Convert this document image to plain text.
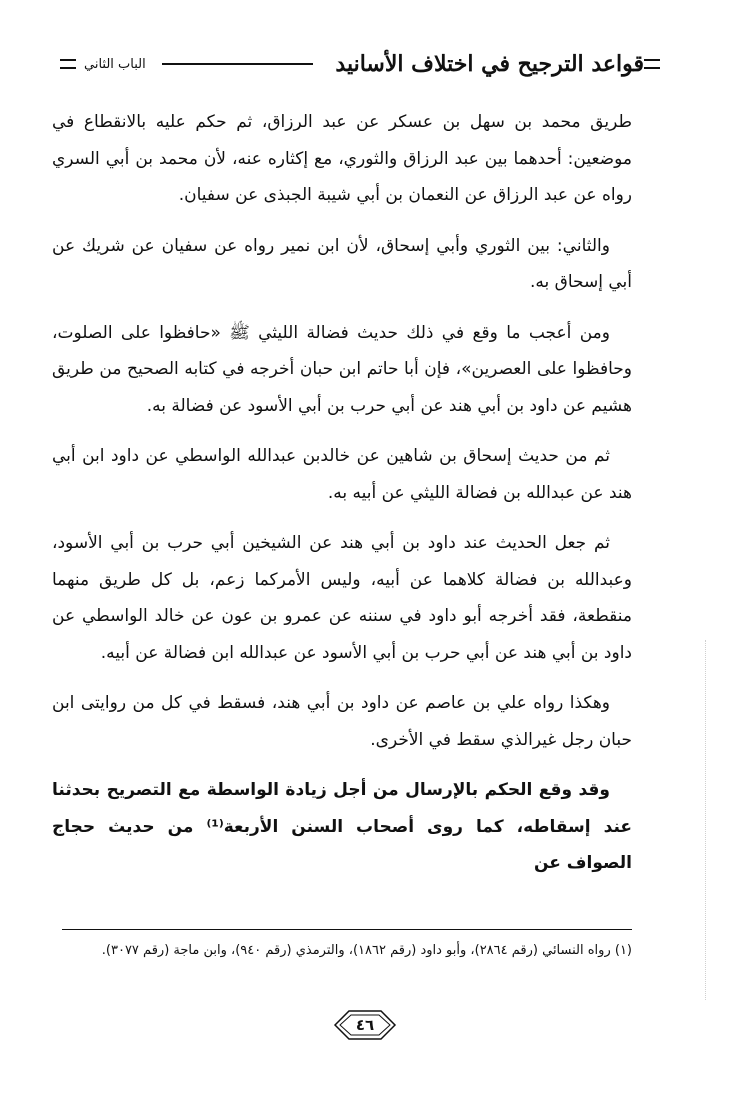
قواعد الترجيح في اختلاف الأسانيد
الباب الثاني

طريق محمد بن سهل بن عسكر عن عبد الرزاق، ثم حكم عليه بالانقطاع في موضعين: أحدهما بين عبد الرزاق والثوري، مع إكثاره عنه، لأن محمد بن أبي السري رواه عن عبد الرزاق عن النعمان بن أبي شيبة الجبذى عن سفيان.

والثاني: بين الثوري وأبي إسحاق، لأن ابن نمير رواه عن سفيان عن شريك عن أبي إسحاق به.

ومن أعجب ما وقع في ذلك حديث فضالة الليثي ﷺ «حافظوا على الصلوت، وحافظوا على العصرين»، فإن أبا حاتم ابن حبان أخرجه في كتابه الصحيح من طريق هشيم عن داود بن أبي هند عن أبي حرب بن أبي الأسود عن فضالة به.

ثم من حديث إسحاق بن شاهين عن خالدبن عبدالله الواسطي عن داود ابن أبي هند عن عبدالله بن فضالة الليثي عن أبيه به.

ثم جعل الحديث عند داود بن أبي هند عن الشيخين أبي حرب بن أبي الأسود، وعبدالله بن فضالة كلاهما عن أبيه، وليس الأمركما زعم، بل كل طريق منهما منقطعة، فقد أخرجه أبو داود في سننه عن عمرو بن عون عن خالد الواسطي عن داود بن أبي هند عن أبي حرب بن أبي الأسود عن عبدالله ابن فضالة عن أبيه.

وهكذا رواه علي بن عاصم عن داود بن أبي هند، فسقط في كل من روايتى ابن حبان رجل غيرالذي سقط في الأخرى.

وقد وقع الحكم بالإرسال من أجل زيادة الواسطة مع التصريح بحدثنا عند إسقاطه، كما روى أصحاب السنن الأربعة⁽¹⁾ من حديث حجاج الصواف عن

(١) رواه النسائي (رقم ٢٨٦٤)، وأبو داود (رقم ١٨٦٢)، والترمذي (رقم ٩٤٠)، وابن ماجة (رقم ٣٠٧٧).
٤٦
